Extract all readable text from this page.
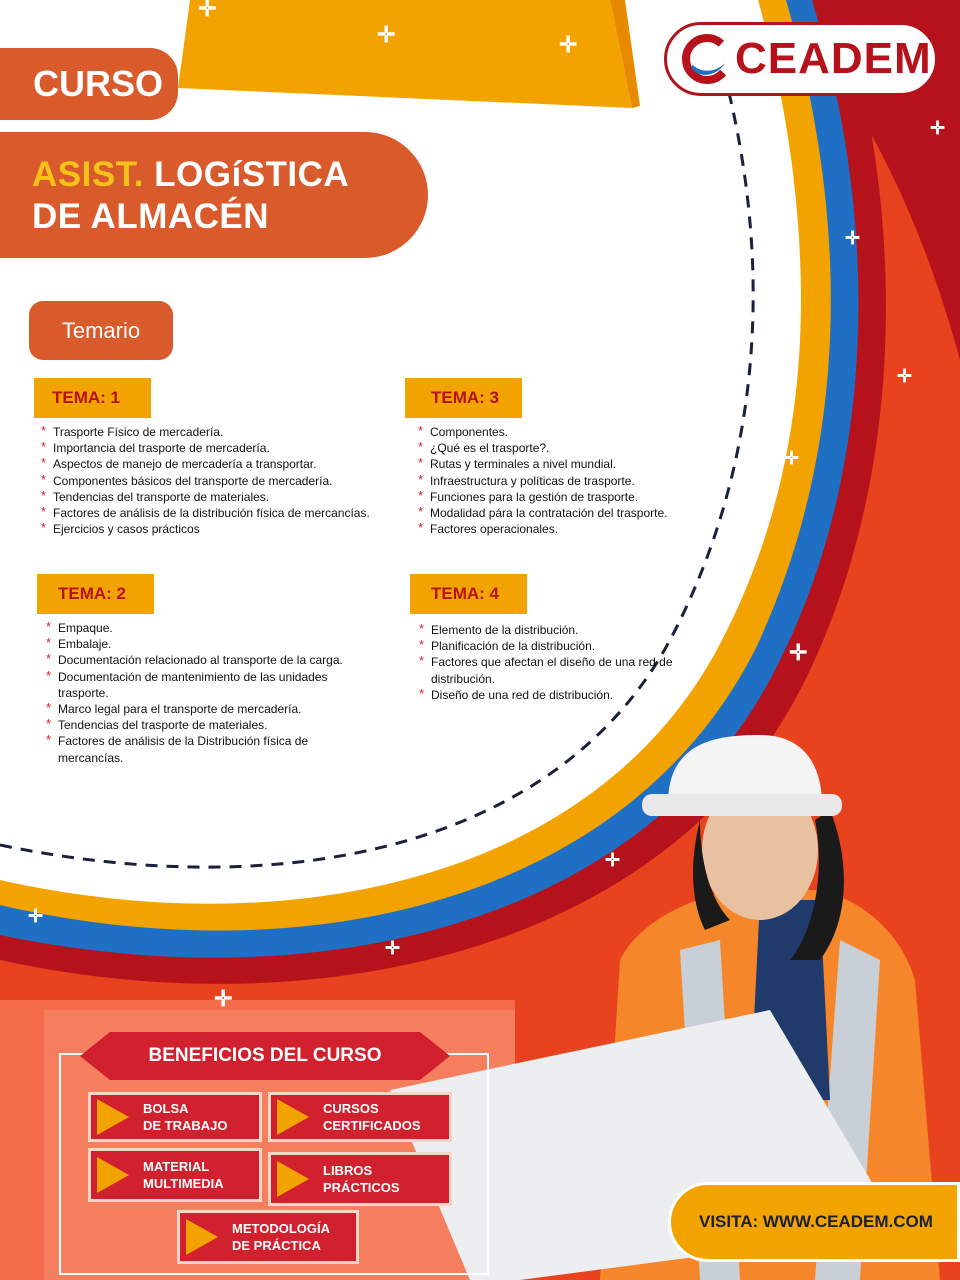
✛
✛	✛
✛
✛
✛
✛
✛
✛
✛
✛
✛
CEADEM
CURSO
ASIST. LOGíSTICA
DE ALMACÉN
Temario
TEMA: 1
* Trasporte Físico de mercadería.
* Importancia del trasporte de mercadería.
* Aspectos de manejo de mercadería a transportar.
* Componentes básicos del transporte de mercadería.
* Tendencias del transporte de materiales.
* Factores de análisis de la distribución física de mercancías.
* Ejercicios y casos prácticos
TEMA: 2
* Empaque.
* Embalaje.
* Documentación relacionado al transporte de la carga.
* Documentación de mantenimiento de las unidades trasporte.
* Marco legal para el transporte de mercadería.
* Tendencias del trasporte de materiales.
* Factores de análisis de la Distribución física de mercancías.
TEMA: 3
* Componentes.
* ¿Qué es el trasporte?.
* Rutas y terminales a nivel mundial.
* Infraestructura y políticas de trasporte.
* Funciones para la gestión de trasporte.
* Modalidad pára la contratación del trasporte.
* Factores operacionales.
TEMA: 4
* Elemento de la distribución.
* Planificación de la distribución.
* Factores que afectan el diseño de una red de distribución.
* Diseño de una red de distribución.
BENEFICIOS DEL CURSO
BOLSA
DE TRABAJO
CURSOS
CERTIFICADOS
MATERIAL
MULTIMEDIA
LIBROS
PRÁCTICOS
METODOLOGÍA
DE PRÁCTICA
VISITA: WWW.CEADEM.COM
